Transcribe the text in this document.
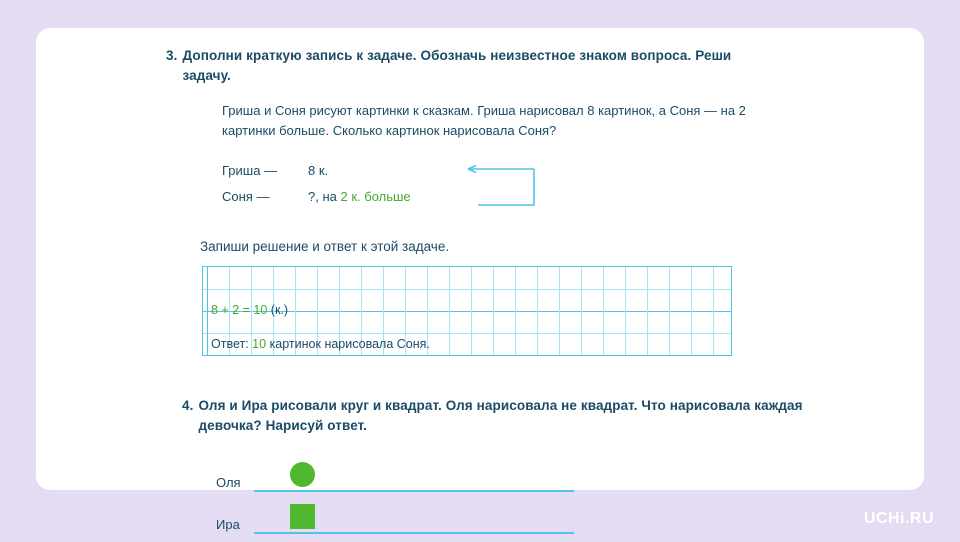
3. Дополни краткую запись к задаче. Обозначь неизвестное знаком вопроса. Реши задачу.
Гриша и Соня рисуют картинки к сказкам. Гриша нарисовал 8 картинок, а Соня — на 2 картинки больше. Сколько картинок нарисовала Соня?
Гриша —	8 к.
Соня —	?, на 2 к. больше
Запиши решение и ответ к этой задаче.
8 + 2 = 10 (к.)
Ответ: 10 картинок нарисовала Соня.
4. Оля и Ира рисовали круг и квадрат. Оля нарисовала не квадрат. Что нарисовала каждая девочка? Нарисуй ответ.
Оля
Ира	UCHi.RU
